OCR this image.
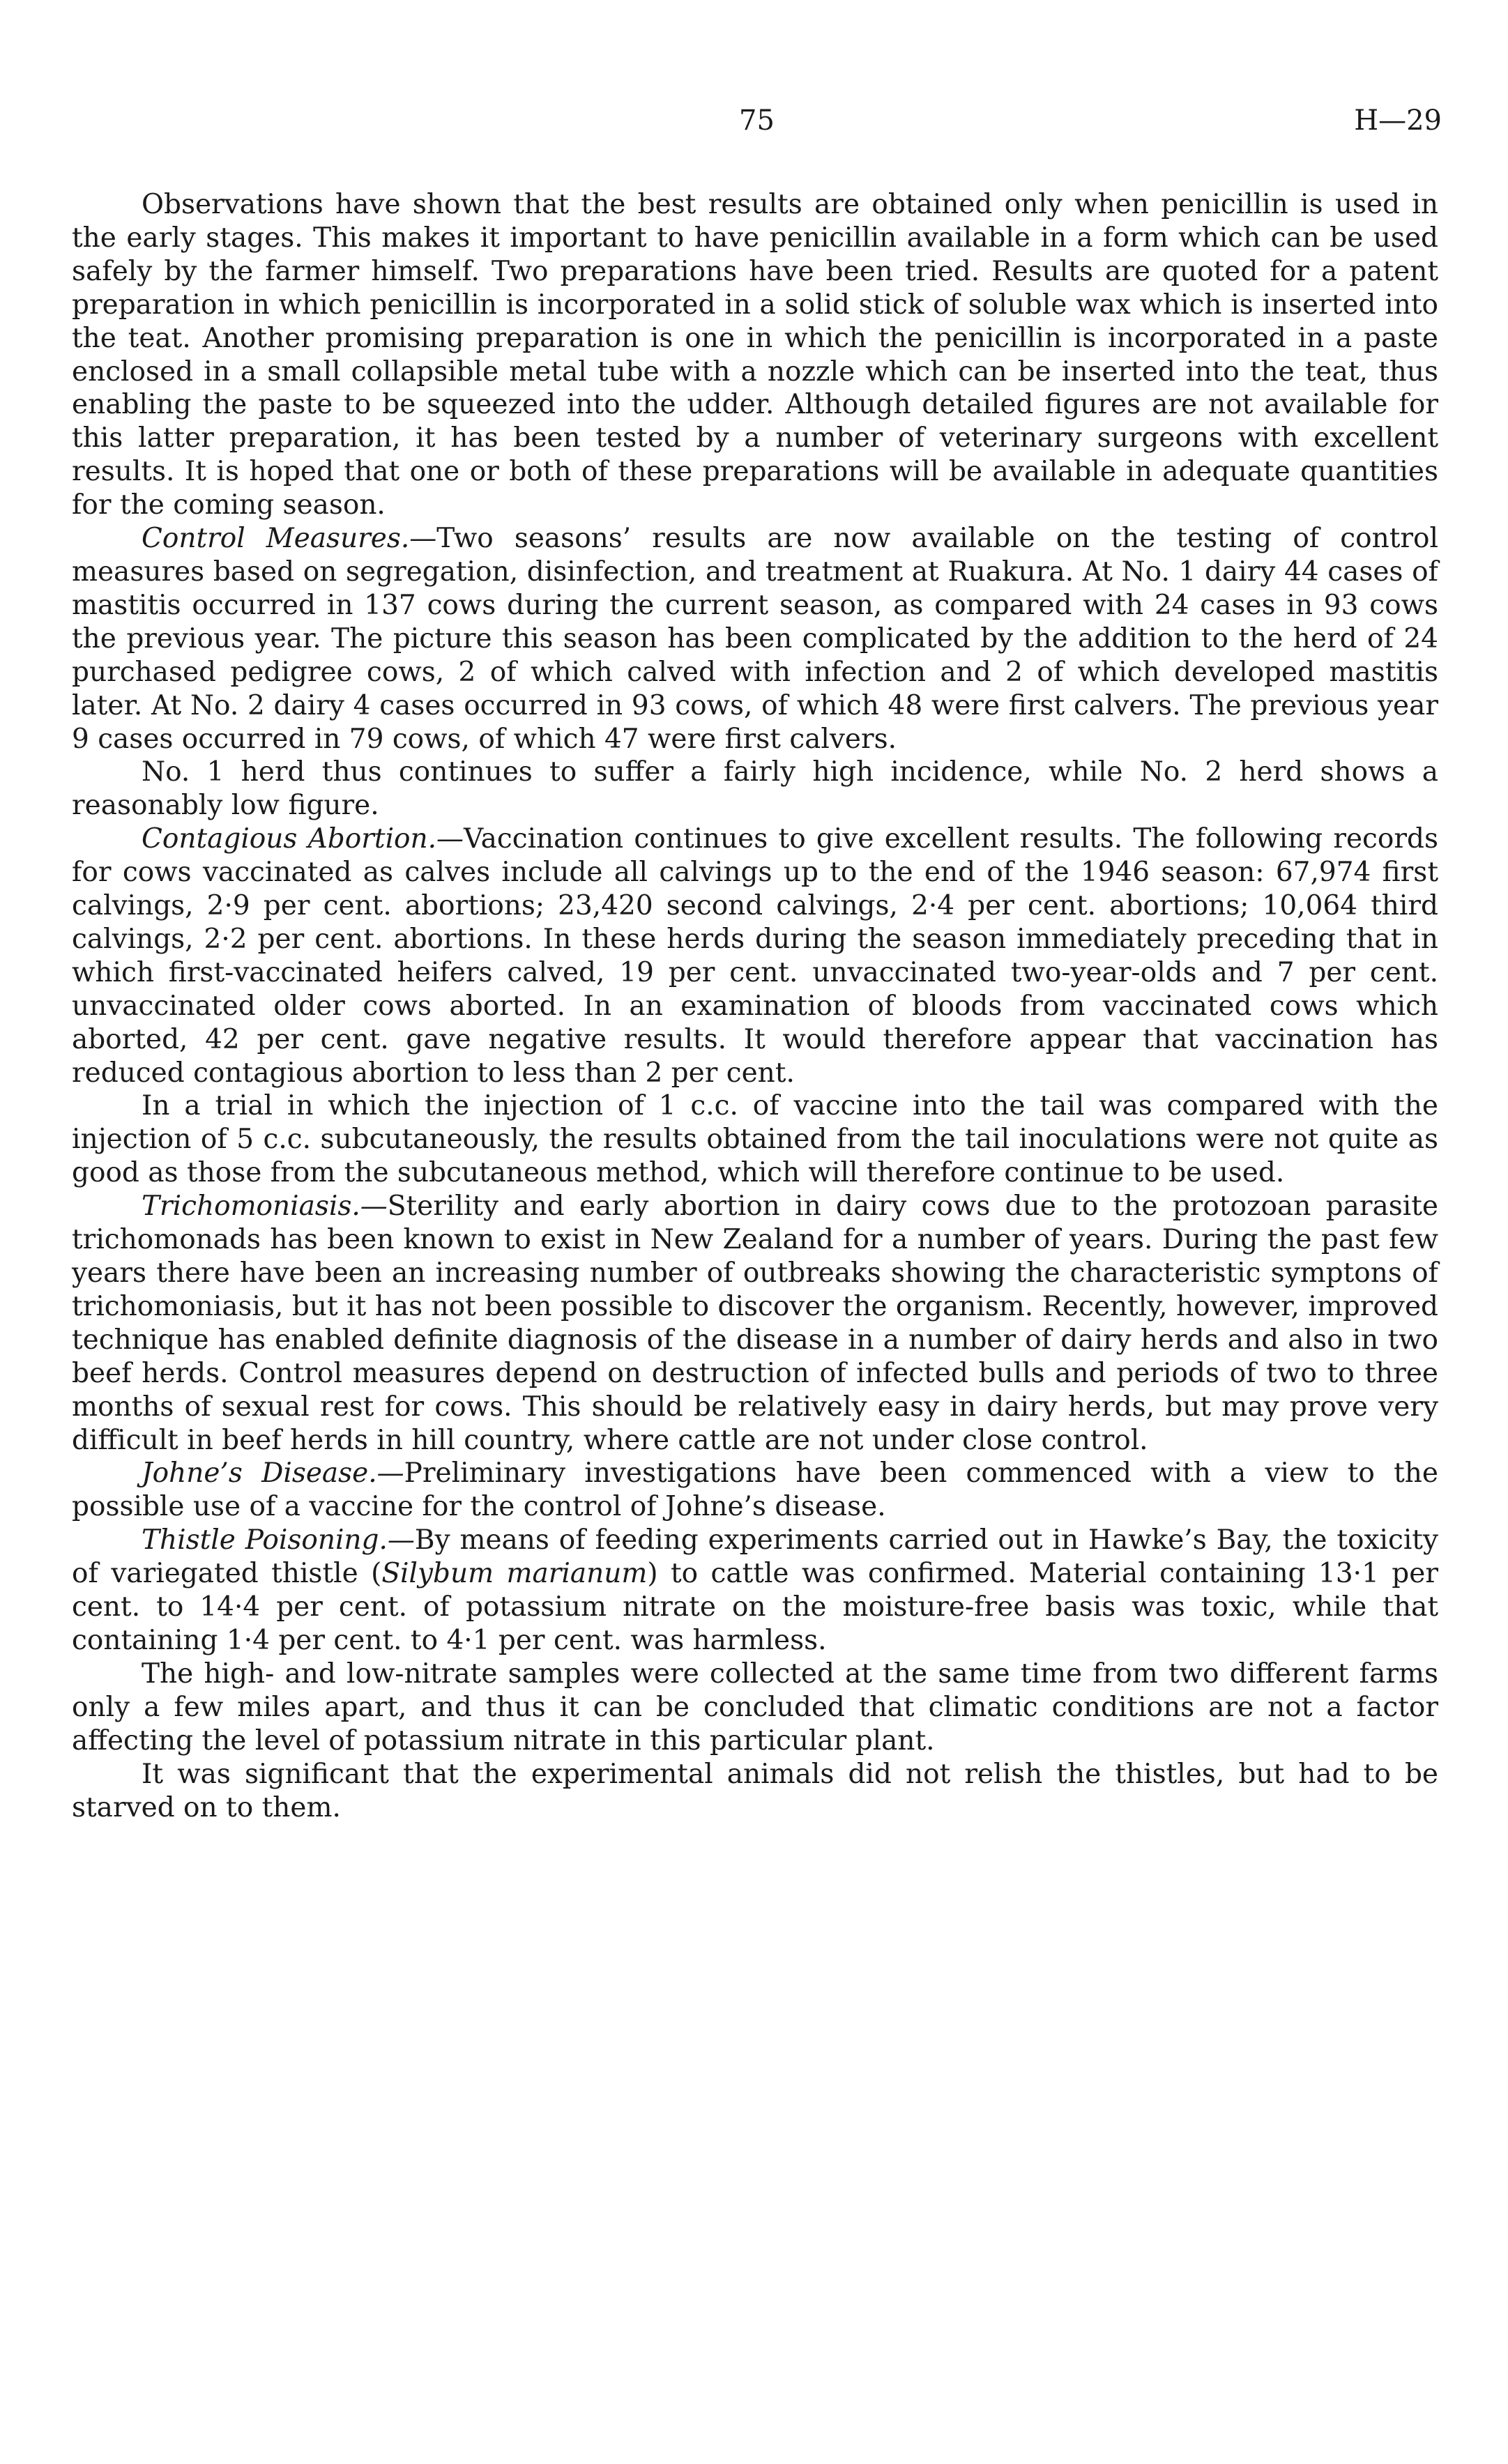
75	H—29

Observations have shown that the best results are obtained only when penicillin is used in the early stages. This makes it important to have penicillin available in a form which can be used safely by the farmer himself. Two preparations have been tried. Results are quoted for a patent preparation in which penicillin is incorporated in a solid stick of soluble wax which is inserted into the teat. Another promising preparation is one in which the penicillin is incorporated in a paste enclosed in a small collapsible metal tube with a nozzle which can be inserted into the teat, thus enabling the paste to be squeezed into the udder. Although detailed figures are not available for this latter preparation, it has been tested by a number of veterinary surgeons with excellent results. It is hoped that one or both of these preparations will be available in adequate quantities for the coming season.

Control Measures.—Two seasons’ results are now available on the testing of control measures based on segregation, disinfection, and treatment at Ruakura. At No. 1 dairy 44 cases of mastitis occurred in 137 cows during the current season, as compared with 24 cases in 93 cows the previous year. The picture this season has been complicated by the addition to the herd of 24 purchased pedigree cows, 2 of which calved with infection and 2 of which developed mastitis later. At No. 2 dairy 4 cases occurred in 93 cows, of which 48 were first calvers. The previous year 9 cases occurred in 79 cows, of which 47 were first calvers.

No. 1 herd thus continues to suffer a fairly high incidence, while No. 2 herd shows a reasonably low figure.

Contagious Abortion.—Vaccination continues to give excellent results. The following records for cows vaccinated as calves include all calvings up to the end of the 1946 season: 67,974 first calvings, 2·9 per cent. abortions; 23,420 second calvings, 2·4 per cent. abortions; 10,064 third calvings, 2·2 per cent. abortions. In these herds during the season immediately preceding that in which first-vaccinated heifers calved, 19 per cent. unvaccinated two-year-olds and 7 per cent. unvaccinated older cows aborted. In an examination of bloods from vaccinated cows which aborted, 42 per cent. gave negative results. It would therefore appear that vaccination has reduced contagious abortion to less than 2 per cent.

In a trial in which the injection of 1 c.c. of vaccine into the tail was compared with the injection of 5 c.c. subcutaneously, the results obtained from the tail inoculations were not quite as good as those from the subcutaneous method, which will therefore continue to be used.

Trichomoniasis.—Sterility and early abortion in dairy cows due to the protozoan parasite trichomonads has been known to exist in New Zealand for a number of years. During the past few years there have been an increasing number of outbreaks showing the characteristic symptons of trichomoniasis, but it has not been possible to discover the organism. Recently, however, improved technique has enabled definite diagnosis of the disease in a number of dairy herds and also in two beef herds. Control measures depend on destruction of infected bulls and periods of two to three months of sexual rest for cows. This should be relatively easy in dairy herds, but may prove very difficult in beef herds in hill country, where cattle are not under close control.

Johne’s Disease.—Preliminary investigations have been commenced with a view to the possible use of a vaccine for the control of Johne’s disease.

Thistle Poisoning.—By means of feeding experiments carried out in Hawke’s Bay, the toxicity of variegated thistle (Silybum marianum) to cattle was confirmed. Material containing 13·1 per cent. to 14·4 per cent. of potassium nitrate on the moisture-free basis was toxic, while that containing 1·4 per cent. to 4·1 per cent. was harmless.

The high- and low-nitrate samples were collected at the same time from two different farms only a few miles apart, and thus it can be concluded that climatic conditions are not a factor affecting the level of potassium nitrate in this particular plant.

It was significant that the experimental animals did not relish the thistles, but had to be starved on to them.
